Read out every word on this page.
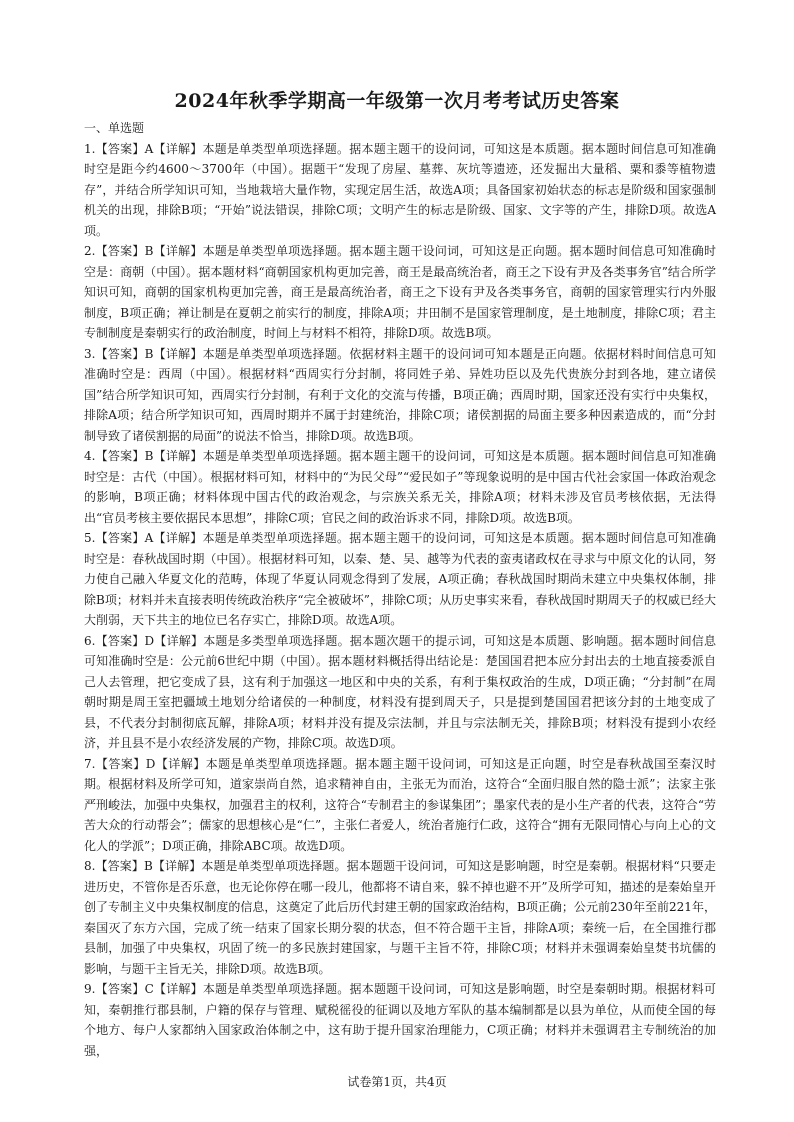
2024年秋季学期高一年级第一次月考考试历史答案

一、单选题

1.【答案】A【详解】本题是单类型单项选择题。据本题主题干的设问词，可知这是本质题。据本题时间信息可知准确时空是距今约4600～3700年（中国）。据题干“发现了房屋、墓葬、灰坑等遗迹，还发掘出大量稻、粟和黍等植物遗存”，并结合所学知识可知，当地栽培大量作物，实现定居生活，故选A项；具备国家初始状态的标志是阶级和国家强制机关的出现，排除B项；“开始”说法错误，排除C项；文明产生的标志是阶级、国家、文字等的产生，排除D项。故选A项。

2.【答案】B【详解】本题是单类型单项选择题。据本题主题干设问词，可知这是正向题。据本题时间信息可知准确时空是：商朝（中国）。据本题材料“商朝国家机构更加完善，商王是最高统治者，商王之下设有尹及各类事务官”结合所学知识可知，商朝的国家机构更加完善，商王是最高统治者，商王之下设有尹及各类事务官，商朝的国家管理实行内外服制度，B项正确；禅让制是在夏朝之前实行的制度，排除A项；井田制不是国家管理制度，是土地制度，排除C项；君主专制制度是秦朝实行的政治制度，时间上与材料不相符，排除D项。故选B项。

3.【答案】B【详解】本题是单类型单项选择题。依据材料主题干的设问词可知本题是正向题。依据材料时间信息可知准确时空是：西周（中国）。根据材料“西周实行分封制，将同姓子弟、异姓功臣以及先代贵族分封到各地，建立诸侯国”结合所学知识可知，西周实行分封制，有利于文化的交流与传播，B项正确；西周时期，国家还没有实行中央集权，排除A项；结合所学知识可知，西周时期并不属于封建统治，排除C项；诸侯割据的局面主要多种因素造成的，而“分封制导致了诸侯割据的局面”的说法不恰当，排除D项。故选B项。

4.【答案】B【详解】本题是单类型单项选择题。据本题主题干的设问词，可知这是本质题。据本题时间信息可知准确时空是：古代（中国）。根据材料可知，材料中的“为民父母”“爱民如子”等现象说明的是中国古代社会家国一体政治观念的影响，B项正确；材料体现中国古代的政治观念，与宗族关系无关，排除A项；材料未涉及官员考核依据，无法得出“官员考核主要依据民本思想”，排除C项；官民之间的政治诉求不同，排除D项。故选B项。

5.【答案】A【详解】本题是单类型单项选择题。据本题主题干的设问词，可知这是本质题。据本题时间信息可知准确时空是：春秋战国时期（中国）。根据材料可知，以秦、楚、吴、越等为代表的蛮夷诸政权在寻求与中原文化的认同，努力使自己融入华夏文化的范畴，体现了华夏认同观念得到了发展，A项正确；春秋战国时期尚未建立中央集权体制，排除B项；材料并未直接表明传统政治秩序“完全被破坏”，排除C项；从历史事实来看，春秋战国时期周天子的权威已经大大削弱，天下共主的地位已名存实亡，排除D项。故选A项。

6.【答案】D【详解】本题是多类型单项选择题。据本题次题干的提示词，可知这是本质题、影响题。据本题时间信息可知准确时空是：公元前6世纪中期（中国）。据本题材料概括得出结论是：楚国国君把本应分封出去的土地直接委派自己人去管理，把它变成了县，这有利于加强这一地区和中央的关系，有利于集权政治的生成，D项正确；“分封制”在周朝时期是周王室把疆域土地划分给诸侯的一种制度，材料没有提到周天子，只是提到楚国国君把该分封的土地变成了县，不代表分封制彻底瓦解，排除A项；材料并没有提及宗法制，并且与宗法制无关，排除B项；材料没有提到小农经济，并且县不是小农经济发展的产物，排除C项。故选D项。

7.【答案】D【详解】本题是单类型单项选择题。据本题主题干设问词，可知这是正向题，时空是春秋战国至秦汉时期。根据材料及所学可知，道家崇尚自然，追求精神自由，主张无为而治，这符合“全面归服自然的隐士派”；法家主张严刑峻法，加强中央集权，加强君主的权利，这符合“专制君主的参谋集团”；墨家代表的是小生产者的代表，这符合“劳苦大众的行动帮会”；儒家的思想核心是“仁”，主张仁者爱人，统治者施行仁政，这符合“拥有无限同情心与向上心的文化人的学派”；D项正确，排除ABC项。故选D项。

8.【答案】B【详解】本题是单类型单项选择题。据本题题干设问词，可知这是影响题，时空是秦朝。根据材料“只要走进历史，不管你是否乐意，也无论你停在哪一段儿，他都将不请自来，躲不掉也避不开”及所学可知，描述的是秦始皇开创了专制主义中央集权制度的信息，这奠定了此后历代封建王朝的国家政治结构，B项正确；公元前230年至前221年，秦国灭了东方六国，完成了统一结束了国家长期分裂的状态，但不符合题干主旨，排除A项；秦统一后，在全国推行郡县制，加强了中央集权，巩固了统一的多民族封建国家，与题干主旨不符，排除C项；材料并未强调秦始皇焚书坑儒的影响，与题干主旨无关，排除D项。故选B项。

9.【答案】C【详解】本题是单类型单项选择题。据本题题干设问词，可知这是影响题，时空是秦朝时期。根据材料可知，秦朝推行郡县制，户籍的保存与管理、赋税徭役的征调以及地方军队的基本编制都是以县为单位，从而使全国的每个地方、每户人家都纳入国家政治体制之中，这有助于提升国家治理能力，C项正确；材料并未强调君主专制统治的加强，

试卷第1页，共4页
